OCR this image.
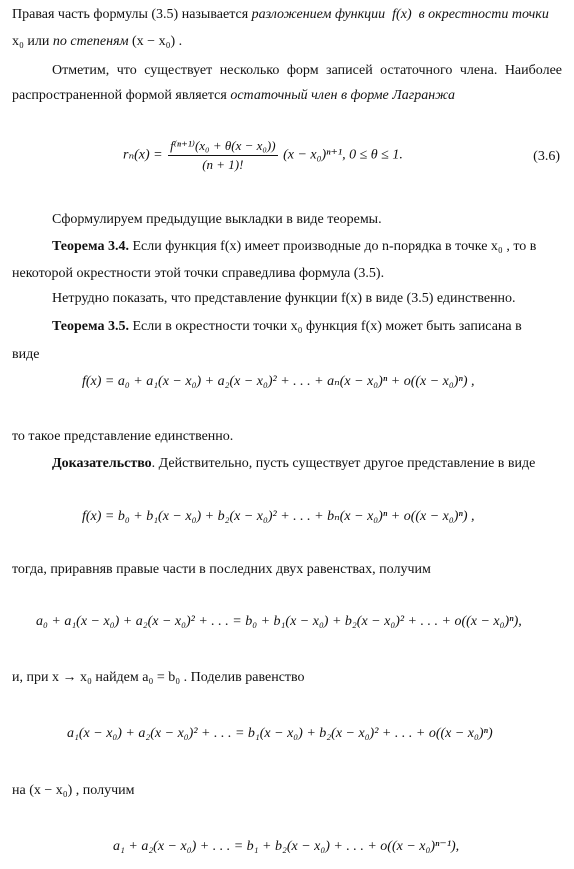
Правая часть формулы (3.5) называется разложением функции f(x) в окрестности точки
x₀ или по степеням (x − x₀) .
Отметим, что существует несколько форм записей остаточного члена. Наиболее
распространенной формой является остаточный член в форме Лагранжа
$r_n(x) = \frac{\text{f⁽ⁿ⁺¹⁾(x₀ + θ(x − x₀))}}{(n + 1)!} (x - x_0)^{n+1}$, 0 ≤ θ ≤ 1.	(3.6)
Сформулируем предыдущие выкладки в виде теоремы.
Теорема 3.4. Если функция f(x) имеет производные до n-порядка в точке x₀ , то в
некоторой окрестности этой точки справедлива формула (3.5).
Нетрудно показать, что представление функции f(x) в виде (3.5) единственно.
Теорема 3.5. Если в окрестности точки x₀ функция f(x) может быть записана в
виде
f(x) = a₀ + a₁(x − x₀) + a₂(x − x₀)² + . . . + aₙ(x − x₀)ⁿ + o((x − x₀)ⁿ) ,
то такое представление единственно.
Доказательство. Действительно, пусть существует другое представление в виде
f(x) = b₀ + b₁(x − x₀) + b₂(x − x₀)² + . . . + bₙ(x − x₀)ⁿ + o((x − x₀)ⁿ) ,
тогда, приравняв правые части в последних двух равенствах, получим
a₀ + a₁(x − x₀) + a₂(x − x₀)² + . . . = b₀ + b₁(x − x₀) + b₂(x − x₀)² + . . . + o((x − x₀)ⁿ),
и, при x → x₀ найдем a₀ = b₀ . Поделив равенство
a₁(x − x₀) + a₂(x − x₀)² + . . . = b₁(x − x₀) + b₂(x − x₀)² + . . . + o((x − x₀)ⁿ)
на (x − x₀) , получим
a₁ + a₂(x − x₀) + . . . = b₁ + b₂(x − x₀) + . . . + o((x − x₀)ⁿ⁻¹),
